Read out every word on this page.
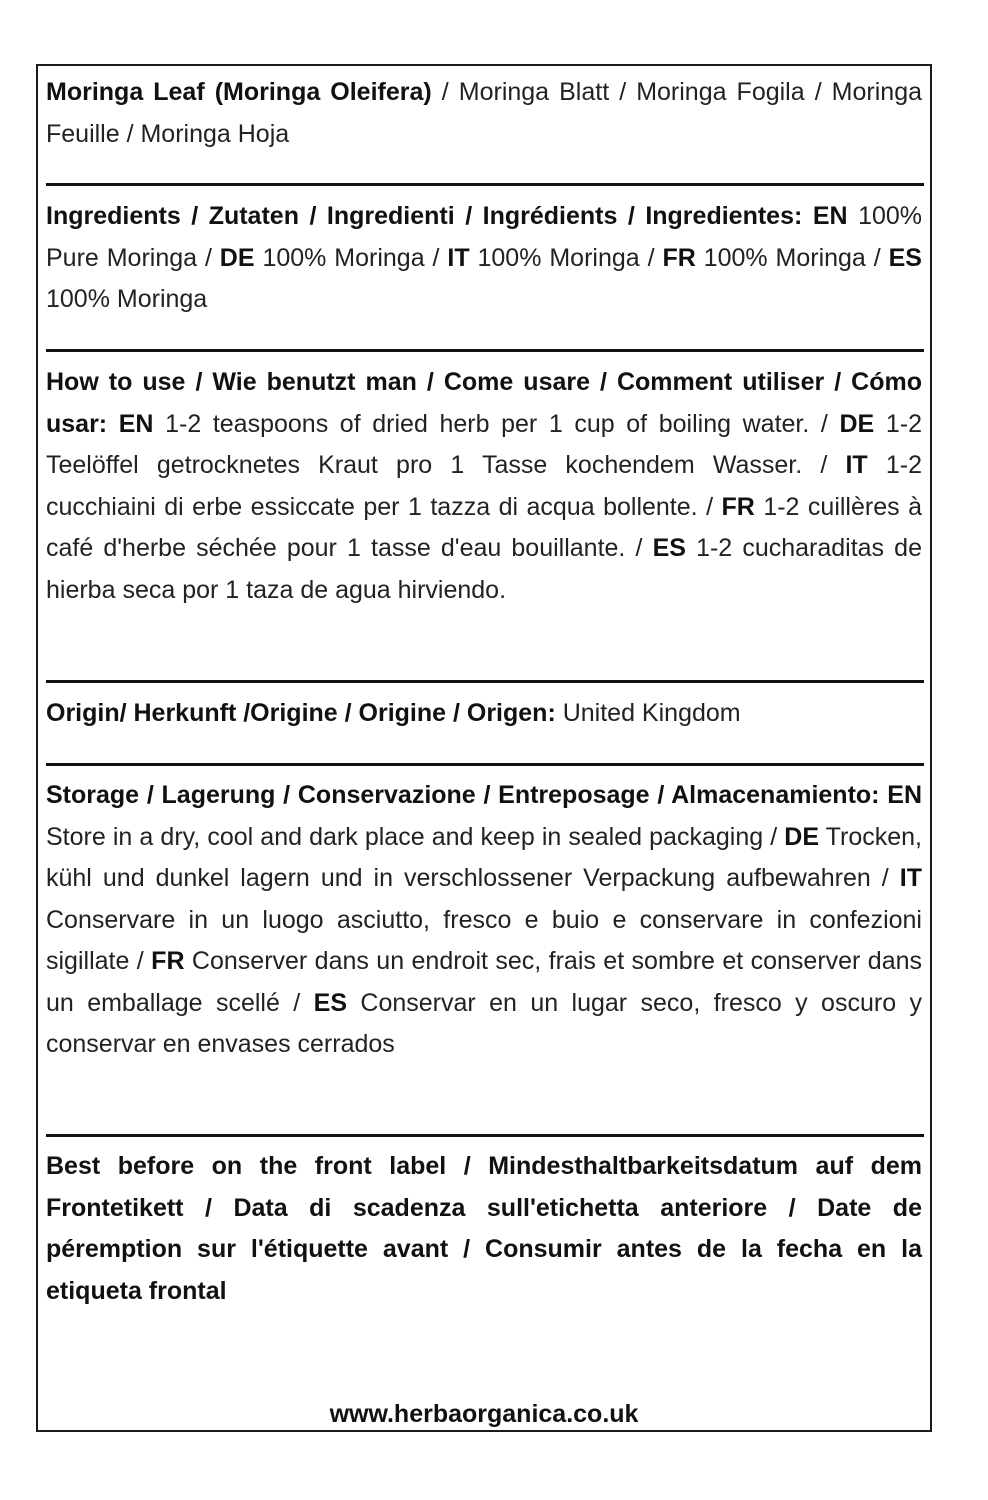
Moringa Leaf (Moringa Oleifera) / Moringa Blatt / Moringa Fogila / Moringa Feuille / Moringa Hoja
Ingredients / Zutaten / Ingredienti / Ingrédients / Ingredientes: EN 100% Pure Moringa / DE 100% Moringa / IT 100% Moringa / FR 100% Moringa / ES 100% Moringa
How to use / Wie benutzt man / Come usare / Comment utiliser / Cómo usar: EN 1-2 teaspoons of dried herb per 1 cup of boiling water. / DE 1-2 Teelöffel getrocknetes Kraut pro 1 Tasse kochendem Wasser. / IT 1-2 cucchiaini di erbe essiccate per 1 tazza di acqua bollente. / FR 1-2 cuillères à café d'herbe séchée pour 1 tasse d'eau bouillante. / ES 1-2 cucharaditas de hierba seca por 1 taza de agua hirviendo.
Origin/ Herkunft /Origine / Origine / Origen: United Kingdom
Storage / Lagerung / Conservazione / Entreposage / Almacenamiento: EN Store in a dry, cool and dark place and keep in sealed packaging / DE Trocken, kühl und dunkel lagern und in verschlossener Verpackung aufbewahren / IT Conservare in un luogo asciutto, fresco e buio e conservare in confezioni sigillate / FR Conserver dans un endroit sec, frais et sombre et conserver dans un emballage scellé / ES Conservar en un lugar seco, fresco y oscuro y conservar en envases cerrados
Best before on the front label / Mindesthaltbarkeitsdatum auf dem Frontetikett / Data di scadenza sull'etichetta anteriore / Date de péremption sur l'étiquette avant / Consumir antes de la fecha en la etiqueta frontal
www.herbaorganica.co.uk
